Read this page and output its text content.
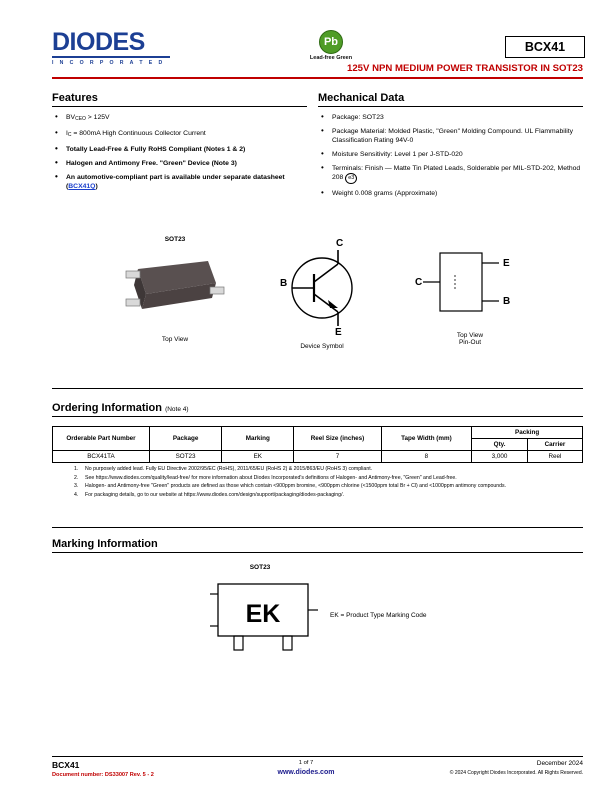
DIODES
I N C O R P O R A T E D
Pb
Lead-free Green
BCX41
125V NPN MEDIUM POWER TRANSISTOR IN SOT23
Features
• $BV_{CEO} > 125V$
• $I_C = 800mA$ High Continuous Collector Current
• Totally Lead-Free & Fully RoHS Compliant (Notes 1 & 2)
• Halogen and Antimony Free. "Green" Device (Note 3)
• An automotive-compliant part is available under separate datasheet (BCX41Q)
Mechanical Data
• Package: SOT23
• Package Material: Molded Plastic, "Green" Molding Compound. UL Flammability Classification Rating 94V-0
• Moisture Sensitivity: Level 1 per J-STD-020
• Terminals: Finish — Matte Tin Plated Leads, Solderable per MIL-STD-202, Method 208 e3
• Weight 0.008 grams (Approximate)
SOT23
Top View
C
B
E
Device Symbol
E
B
C
Top View
Pin-Out
Ordering Information (Note 4)
Orderable Part Number	Package	Marking	Reel Size (inches)	Tape Width (mm)	Packing	
					Qty.	Carrier
BCX41TA	SOT23	EK	7	8	3,000	Reel
1. No purposely added lead. Fully EU Directive 2002/95/EC (RoHS), 2011/65/EU (RoHS 2) & 2015/863/EU (RoHS 3) compliant.
2. See https://www.diodes.com/quality/lead-free/ for more information about Diodes Incorporated's definitions of Halogen- and Antimony-free, "Green" and Lead-free.
3. Halogen- and Antimony-free "Green" products are defined as those which contain <900ppm bromine, <900ppm chlorine (<1500ppm total Br + Cl) and <1000ppm antimony compounds.
4. For packaging details, go to our website at https://www.diodes.com/design/support/packaging/diodes-packaging/.
Marking Information
SOT23
EK	EK = Product Type Marking Code
BCX41
Document number: DS33007 Rev. 5 - 2
1 of 7
www.diodes.com
December 2024
© 2024 Copyright Diodes Incorporated. All Rights Reserved.
